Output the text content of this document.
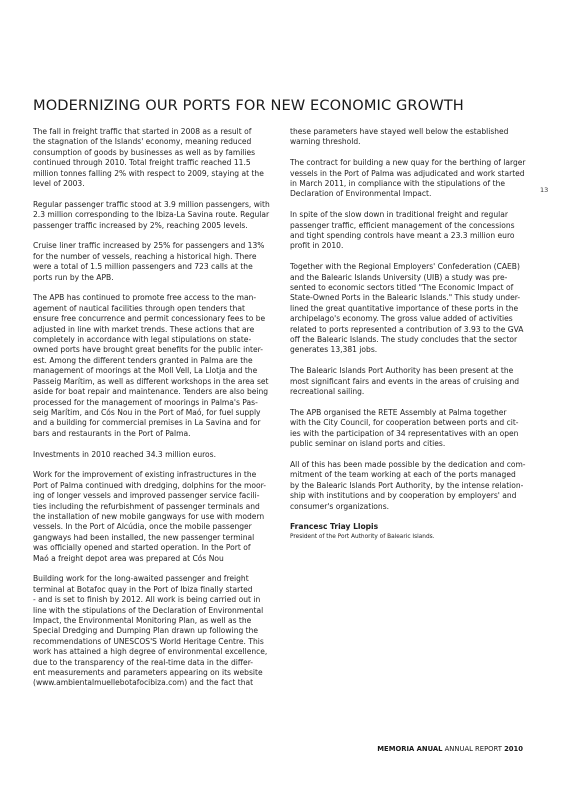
MODERNIZING OUR PORTS FOR NEW ECONOMIC GROWTH

The fall in freight traffic that started in 2008 as a result of
the stagnation of the Islands' economy, meaning reduced
consumption of goods by businesses as well as by families
continued through 2010. Total freight traffic reached 11.5
million tonnes falling 2% with respect to 2009, staying at the
level of 2003.

Regular passenger traffic stood at 3.9 million passengers, with
2.3 million corresponding to the Ibiza-La Savina route. Regular
passenger traffic increased by 2%, reaching 2005 levels.

Cruise liner traffic increased by 25% for passengers and 13%
for the number of vessels, reaching a historical high. There
were a total of 1.5 million passengers and 723 calls at the
ports run by the APB.

The APB has continued to promote free access to the man-
agement of nautical facilities through open tenders that
ensure free concurrence and permit concessionary fees to be
adjusted in line with market trends. These actions that are
completely in accordance with legal stipulations on state-
owned ports have brought great benefits for the public inter-
est. Among the different tenders granted in Palma are the
management of moorings at the Moll Vell, La Llotja and the
Passeig Marítim, as well as different workshops in the area set
aside for boat repair and maintenance. Tenders are also being
processed for the management of moorings in Palma's Pas-
seig Marítim, and Cós Nou in the Port of Maó, for fuel supply
and a building for commercial premises in La Savina and for
bars and restaurants in the Port of Palma.

Investments in 2010 reached 34.3 million euros.

Work for the improvement of existing infrastructures in the
Port of Palma continued with dredging, dolphins for the moor-
ing of longer vessels and improved passenger service facili-
ties including the refurbishment of passenger terminals and
the installation of new mobile gangways for use with modern
vessels. In the Port of Alcúdia, once the mobile passenger
gangways had been installed, the new passenger terminal
was officially opened and started operation. In the Port of
Maó a freight depot area was prepared at Cós Nou

Building work for the long-awaited passenger and freight
terminal at Botafoc quay in the Port of Ibiza finally started
- and is set to finish by 2012. All work is being carried out in
line with the stipulations of the Declaration of Environmental
Impact, the Environmental Monitoring Plan, as well as the
Special Dredging and Dumping Plan drawn up following the
recommendations of UNESCOS'S World Heritage Centre. This
work has attained a high degree of environmental excellence,
due to the transparency of the real-time data in the differ-
ent measurements and parameters appearing on its website
(www.ambientalmuellebotafocibiza.com) and the fact that

these parameters have stayed well below the established
warning threshold.

The contract for building a new quay for the berthing of larger
vessels in the Port of Palma was adjudicated and work started
in March 2011, in compliance with the stipulations of the
Declaration of Environmental Impact.

In spite of the slow down in traditional freight and regular
passenger traffic, efficient management of the concessions
and tight spending controls have meant a 23.3 million euro
profit in 2010.

Together with the Regional Employers' Confederation (CAEB)
and the Balearic Islands University (UIB) a study was pre-
sented to economic sectors titled "The Economic Impact of
State-Owned Ports in the Balearic Islands." This study under-
lined the great quantitative importance of these ports in the
archipelago's economy. The gross value added of activities
related to ports represented a contribution of 3.93 to the GVA
off the Balearic Islands. The study concludes that the sector
generates 13,381 jobs.

The Balearic Islands Port Authority has been present at the
most significant fairs and events in the areas of cruising and
recreational sailing.

The APB organised the RETE Assembly at Palma together
with the City Council, for cooperation between ports and cit-
ies with the participation of 34 representatives with an open
public seminar on island ports and cities.

All of this has been made possible by the dedication and com-
mitment of the team working at each of the ports managed
by the Balearic Islands Port Authority, by the intense relation-
ship with institutions and by cooperation by employers' and
consumer's organizations.

Francesc Triay Llopis

President of the Port Authority of Balearic Islands.

13
MEMORIA ANUAL ANNUAL REPORT 2010
